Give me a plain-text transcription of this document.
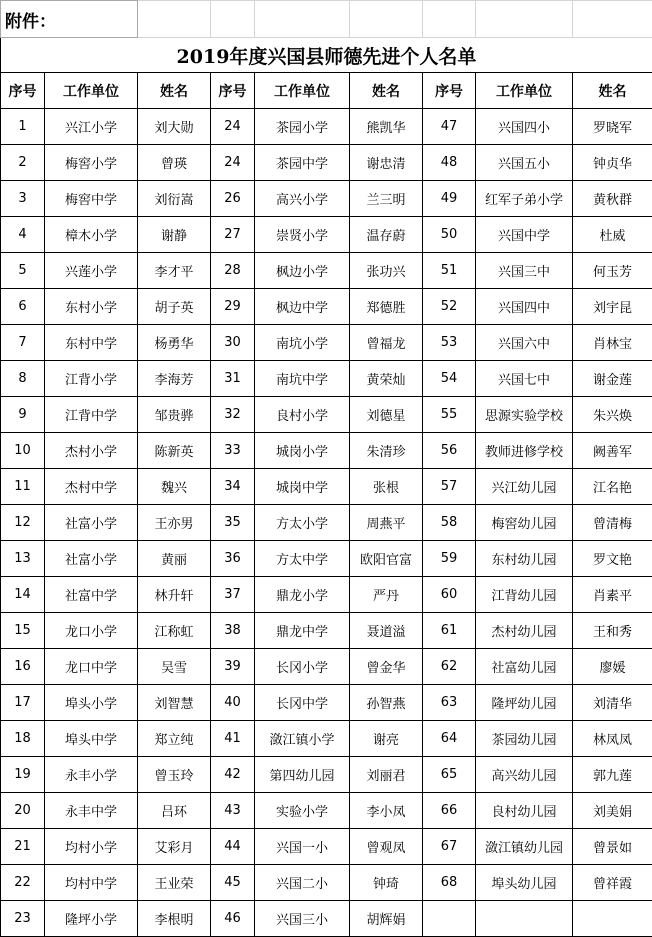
附件：								
2019年度兴国县师德先进个人名单								
序号	工作单位	姓名	序号	工作单位	姓名	序号	工作单位	姓名
1	兴江小学	刘大勋	24	茶园小学	熊凯华	47	兴国四小	罗晓军
2	梅窖小学	曾瑛	24	茶园中学	谢忠清	48	兴国五小	钟贞华
3	梅窖中学	刘衍嵩	26	高兴小学	兰三明	49	红军子弟小学	黄秋群
4	樟木小学	谢静	27	崇贤小学	温存蔚	50	兴国中学	杜威
5	兴莲小学	李才平	28	枫边小学	张功兴	51	兴国三中	何玉芳
6	东村小学	胡子英	29	枫边中学	郑德胜	52	兴国四中	刘宇昆
7	东村中学	杨勇华	30	南坑小学	曾福龙	53	兴国六中	肖林宝
8	江背小学	李海芳	31	南坑中学	黄荣灿	54	兴国七中	谢金莲
9	江背中学	邹贵骅	32	良村小学	刘德星	55	思源实验学校	朱兴焕
10	杰村小学	陈新英	33	城岗小学	朱清珍	56	教师进修学校	阙善军
11	杰村中学	魏兴	34	城岗中学	张根	57	兴江幼儿园	江名艳
12	社富小学	王亦男	35	方太小学	周燕平	58	梅窖幼儿园	曾清梅
13	社富小学	黄丽	36	方太中学	欧阳官富	59	东村幼儿园	罗文艳
14	社富中学	林升轩	37	鼎龙小学	严丹	60	江背幼儿园	肖素平
15	龙口小学	江称虹	38	鼎龙中学	聂道溢	61	杰村幼儿园	王和秀
16	龙口中学	吴雪	39	长冈小学	曾金华	62	社富幼儿园	廖媛
17	埠头小学	刘智慧	40	长冈中学	孙智燕	63	隆坪幼儿园	刘清华
18	埠头中学	郑立纯	41	潋江镇小学	谢亮	64	茶园幼儿园	林凤凤
19	永丰小学	曾玉玲	42	第四幼儿园	刘丽君	65	高兴幼儿园	郭九莲
20	永丰中学	吕环	43	实验小学	李小凤	66	良村幼儿园	刘美娟
21	均村小学	艾彩月	44	兴国一小	曾观凤	67	潋江镇幼儿园	曾景如
22	均村中学	王业荣	45	兴国二小	钟琦	68	埠头幼儿园	曾祥霞
23	隆坪小学	李根明	46	兴国三小	胡辉娟			
